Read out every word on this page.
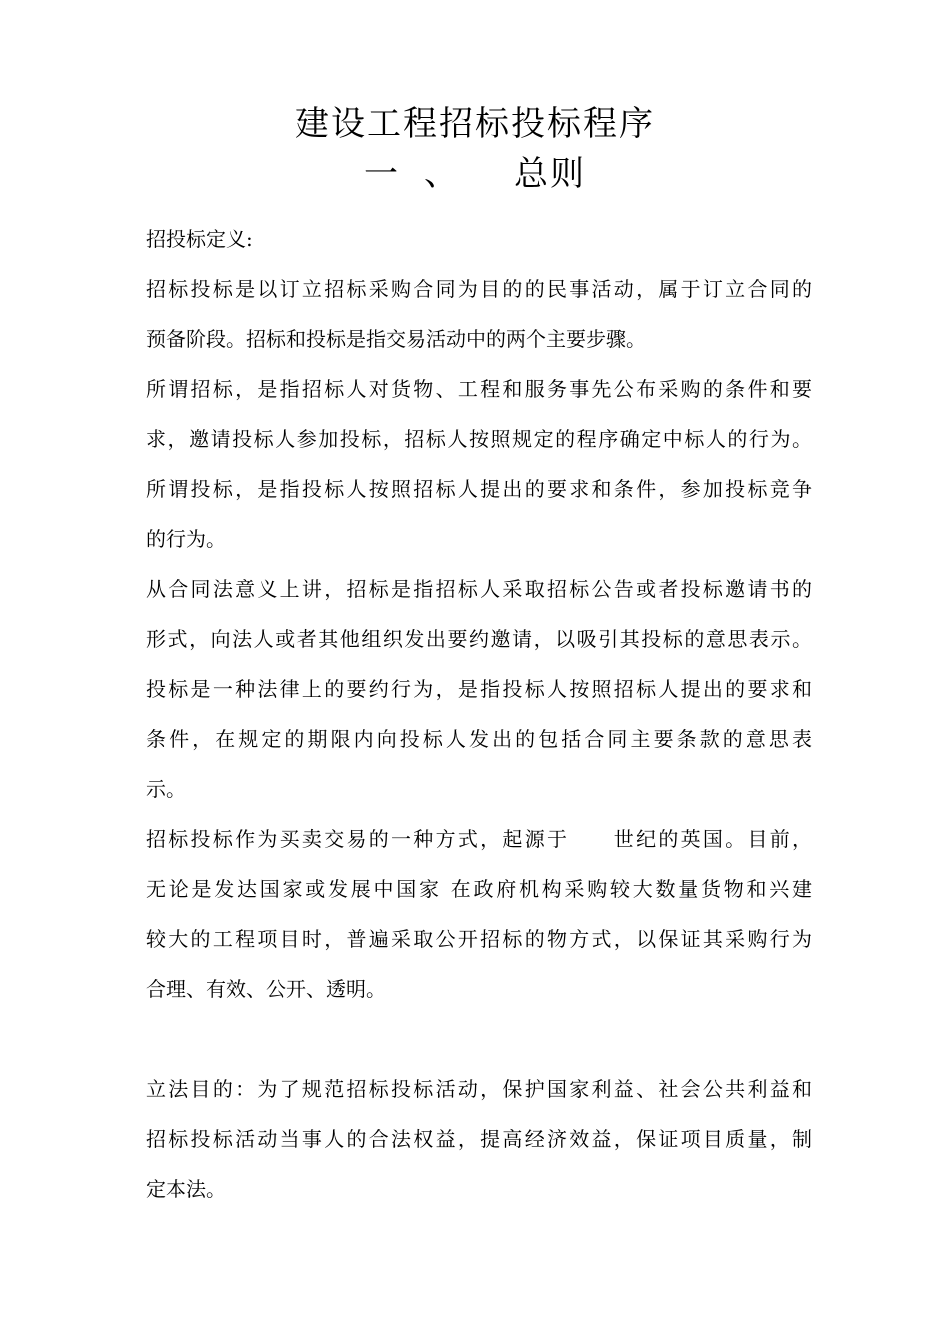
建设工程招标投标程序
一 、	总则
招投标定义:
招标投标是以订立招标采购合同为目的的民事活动，属于订立合同的
预备阶段。招标和投标是指交易活动中的两个主要步骤。
所谓招标，是指招标人对货物、工程和服务事先公布采购的条件和要
求，邀请投标人参加投标，招标人按照规定的程序确定中标人的行为。
所谓投标，是指投标人按照招标人提出的要求和条件，参加投标竞争
的行为。
从合同法意义上讲，招标是指招标人采取招标公告或者投标邀请书的
形式，向法人或者其他组织发出要约邀请，以吸引其投标的意思表示。
投标是一种法律上的要约行为，是指投标人按照招标人提出的要求和
条件，在规定的期限内向投标人发出的包括合同主要条款的意思表
示。
招标投标作为买卖交易的一种方式，起源于　　世纪的英国。目前，
无论是发达国家或发展中国家 在政府机构采购较大数量货物和兴建
较大的工程项目时，普遍采取公开招标的物方式，以保证其采购行为
合理、有效、公开、透明。
立法目的：为了规范招标投标活动，保护国家利益、社会公共利益和
招标投标活动当事人的合法权益，提高经济效益，保证项目质量，制
定本法。
